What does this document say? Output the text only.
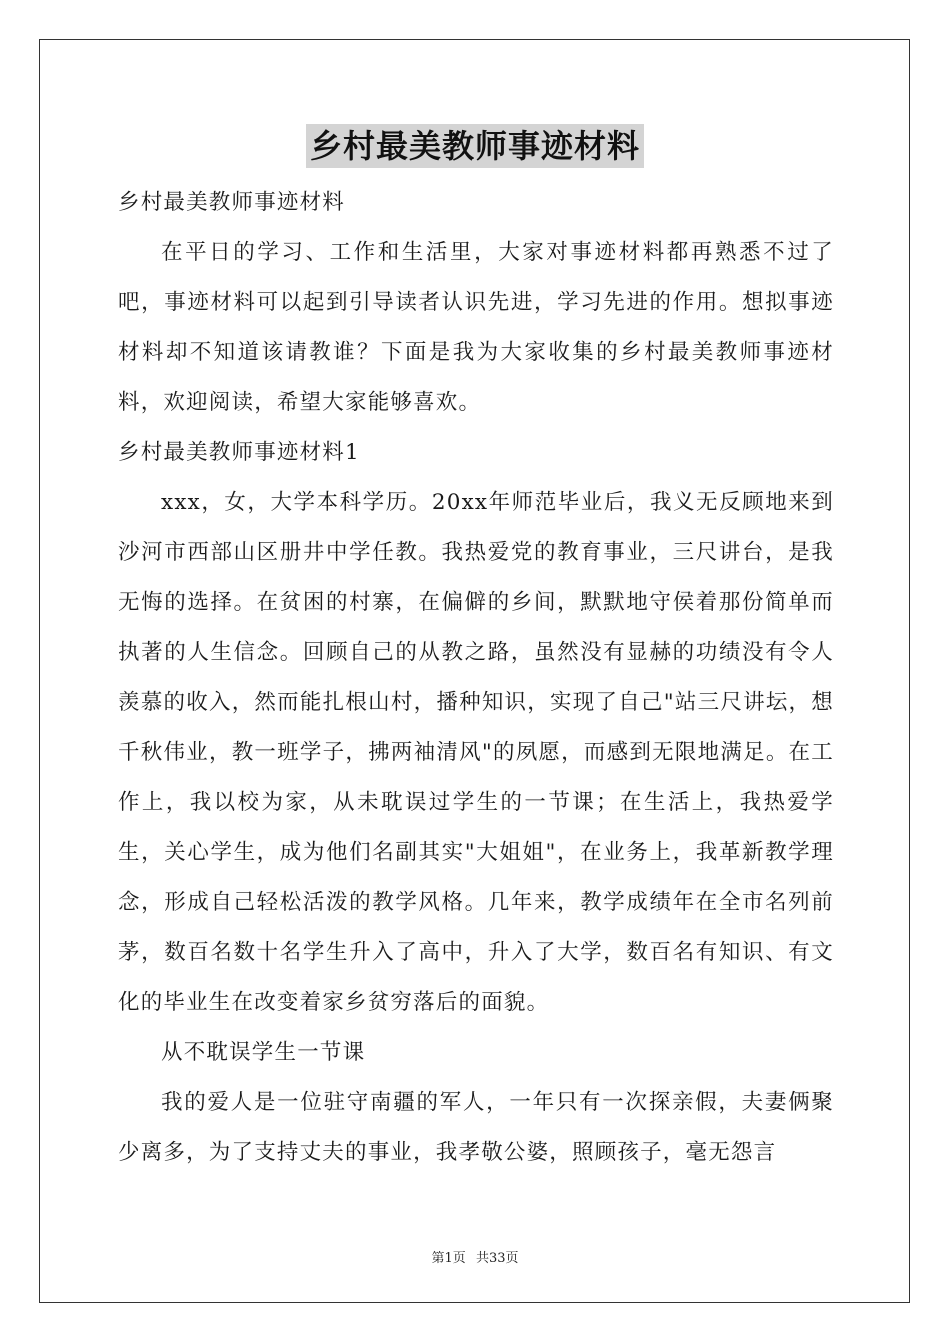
乡村最美教师事迹材料

乡村最美教师事迹材料

在平日的学习、工作和生活里，大家对事迹材料都再熟悉不过了吧，事迹材料可以起到引导读者认识先进，学习先进的作用。想拟事迹材料却不知道该请教谁？下面是我为大家收集的乡村最美教师事迹材料，欢迎阅读，希望大家能够喜欢。

乡村最美教师事迹材料1

xxx，女，大学本科学历。20xx年师范毕业后，我义无反顾地来到沙河市西部山区册井中学任教。我热爱党的教育事业，三尺讲台，是我无悔的选择。在贫困的村寨，在偏僻的乡间，默默地守侯着那份简单而执著的人生信念。回顾自己的从教之路，虽然没有显赫的功绩没有令人羡慕的收入，然而能扎根山村，播种知识，实现了自己"站三尺讲坛，想千秋伟业，教一班学子，拂两袖清风"的夙愿，而感到无限地满足。在工作上，我以校为家，从未耽误过学生的一节课；在生活上，我热爱学生，关心学生，成为他们名副其实"大姐姐"，在业务上，我革新教学理念，形成自己轻松活泼的教学风格。几年来，教学成绩年在全市名列前茅，数百名数十名学生升入了高中，升入了大学，数百名有知识、有文化的毕业生在改变着家乡贫穷落后的面貌。

从不耽误学生一节课

我的爱人是一位驻守南疆的军人，一年只有一次探亲假，夫妻俩聚少离多，为了支持丈夫的事业，我孝敬公婆，照顾孩子，毫无怨言

第1页 共33页
